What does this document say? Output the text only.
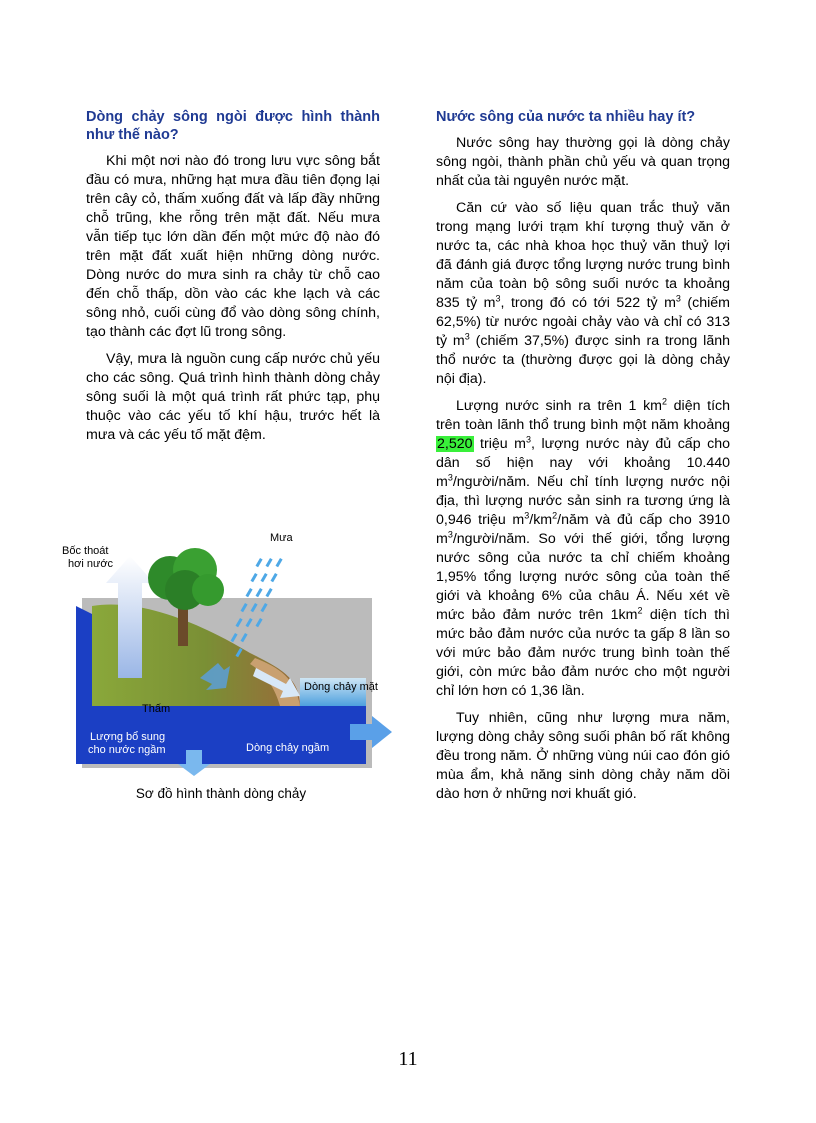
Dòng chảy sông ngòi được hình thành như thế nào?

Khi một nơi nào đó trong lưu vực sông bắt đầu có mưa, những hạt mưa đầu tiên đọng lại trên cây cỏ, thấm xuống đất và lấp đầy những chỗ trũng, khe rỗng trên mặt đất. Nếu mưa vẫn tiếp tục lớn dần đến một mức độ nào đó trên mặt đất xuất hiện những dòng nước. Dòng nước do mưa sinh ra chảy từ chỗ cao đến chỗ thấp, dồn vào các khe lạch và các sông nhỏ, cuối cùng đổ vào dòng sông chính, tạo thành các đợt lũ trong sông.

Vậy, mưa là nguồn cung cấp nước chủ yếu cho các sông. Quá trình hình thành dòng chảy sông suối là một quá trình rất phức tạp, phụ thuộc vào các yếu tố khí hậu, trước hết là mưa và các yếu tố mặt đệm.

Bốc thoát
hơi nước
Mưa
Dòng chảy mặt
Thấm
Lượng bổ sung
cho nước ngầm	Dòng chảy ngầm
Sơ đồ hình thành dòng chảy
Nước sông của nước ta nhiều hay ít?

Nước sông hay thường gọi là dòng chảy sông ngòi, thành phần chủ yếu và quan trọng nhất của tài nguyên nước mặt.

Căn cứ vào số liệu quan trắc thuỷ văn trong mạng lưới trạm khí tượng thuỷ văn ở nước ta, các nhà khoa học thuỷ văn thuỷ lợi đã đánh giá được tổng lượng nước trung bình năm của toàn bộ sông suối nước ta khoảng 835 tỷ $m^3$, trong đó có tới 522 tỷ $m^3$ (chiếm 62,5%) từ nước ngoài chảy vào và chỉ có 313 tỷ $m^3$ (chiếm 37,5%) được sinh ra trong lãnh thổ nước ta (thường được gọi là dòng chảy nội địa).

Lượng nước sinh ra trên 1 $km^2$ diện tích trên toàn lãnh thổ trung bình một năm khoảng 2,520 triệu $m^3$, lượng nước này đủ cấp cho dân số hiện nay với khoảng 10.440 $m^3/người$/năm. Nếu chỉ tính lượng nước nội địa, thì lượng nước sản sinh ra tương ứng là 0,946 triệu $m^3/km^2$/năm và đủ cấp cho 3910 $m^3/người$/năm. So với thế giới, tổng lượng nước sông của nước ta chỉ chiếm khoảng 1,95% tổng lượng nước sông của toàn thế giới và khoảng 6% của châu Á. Nếu xét về mức bảo đảm nước trên $1km^2$ diện tích thì mức bảo đảm nước của nước ta gấp 8 lần so với mức bảo đảm nước trung bình toàn thế giới, còn mức bảo đảm nước cho một người chỉ lớn hơn có 1,36 lần.

Tuy nhiên, cũng như lượng mưa năm, lượng dòng chảy sông suối phân bố rất không đều trong năm. Ở những vùng núi cao đón gió mùa ẩm, khả năng sinh dòng chảy năm dồi dào hơn ở những nơi khuất gió.

11
